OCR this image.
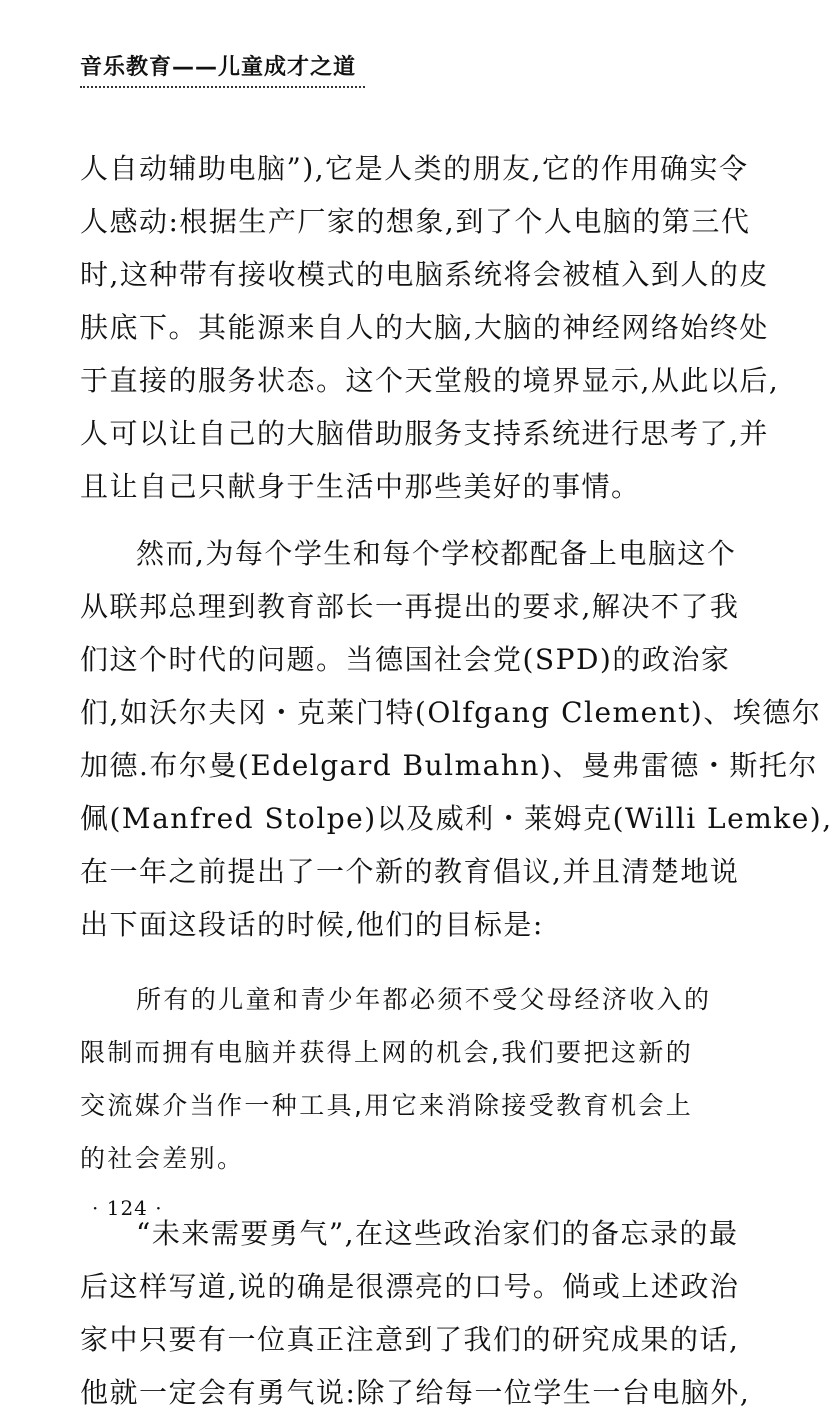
音乐教育——儿童成才之道
人自动辅助电脑”),它是人类的朋友,它的作用确实令
人感动:根据生产厂家的想象,到了个人电脑的第三代
时,这种带有接收模式的电脑系统将会被植入到人的皮
肤底下。其能源来自人的大脑,大脑的神经网络始终处
于直接的服务状态。这个天堂般的境界显示,从此以后,
人可以让自己的大脑借助服务支持系统进行思考了,并
且让自己只献身于生活中那些美好的事情。
然而,为每个学生和每个学校都配备上电脑这个
从联邦总理到教育部长一再提出的要求,解决不了我
们这个时代的问题。当德国社会党(SPD)的政治家
们,如沃尔夫冈・克莱门特(Olfgang Clement)、埃德尔
加德.布尔曼(Edelgard Bulmahn)、曼弗雷德・斯托尔
佩(Manfred Stolpe)以及威利・莱姆克(Willi Lemke),
在一年之前提出了一个新的教育倡议,并且清楚地说
出下面这段话的时候,他们的目标是:
所有的儿童和青少年都必须不受父母经济收入的
限制而拥有电脑并获得上网的机会,我们要把这新的
交流媒介当作一种工具,用它来消除接受教育机会上
的社会差别。
“未来需要勇气”,在这些政治家们的备忘录的最
后这样写道,说的确是很漂亮的口号。倘或上述政治
家中只要有一位真正注意到了我们的研究成果的话,
他就一定会有勇气说:除了给每一位学生一台电脑外,
· 124 ·
